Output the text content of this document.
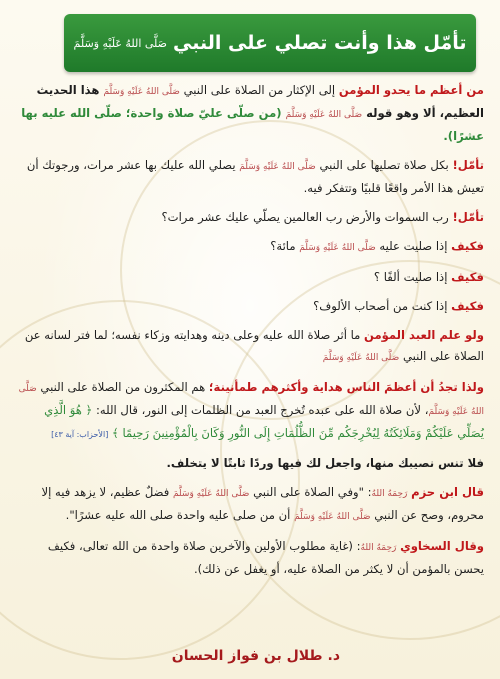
تأمّل هذا وأنت تصلي على النبي
صَلَّى اللهُ عَلَيْهِ وَسَلَّمَ

من أعظم ما يحدو المؤمن إلى الإكثار من الصلاة على النبي صَلَّى اللهُ عَلَيْهِ وَسَلَّمَ هذا الحديث العظيم، ألا وهو قوله صَلَّى اللهُ عَلَيْهِ وَسَلَّمَ (من صلّى عليّ صلاة واحدة؛ صلّى الله عليه بها عشرًا).

تأمّل! بكل صلاة تصليها على النبي صَلَّى اللهُ عَلَيْهِ وَسَلَّمَ يصلي الله عليك بها عشر مرات، ورجوتك أن تعيش هذا الأمر واقعًا قلبيًا وتتفكر فيه.

تأمّل! رب السموات والأرض رب العالمين يصلّي عليك عشر مرات؟

فكيف إذا صليت عليه صَلَّى اللهُ عَلَيْهِ وَسَلَّمَ مائة؟

فكيف إذا صليت ألفًا ؟

فكيف إذا كنت من أصحاب الألوف؟

ولو علم العبد المؤمن ما أثر صلاة الله عليه وعلى دينه وهدايته وزكاء نفسه؛ لما فتر لسانه عن الصلاة على النبي صَلَّى اللهُ عَلَيْهِ وَسَلَّمَ

ولذا تجدُ أن أعظمَ الناس هداية وأكثرهم طمأنينة؛ هم المكثرون من الصلاة على النبي صَلَّى اللهُ عَلَيْهِ وَسَلَّمَ، لأن صلاة الله على عبده تُخرج العبد من الظلمات إلى النور، قال الله: ﴿ هُوَ الَّذِي يُصَلِّي عَلَيْكُمْ وَمَلَائِكَتُهُ لِيُخْرِجَكُم مِّنَ الظُّلُمَاتِ إِلَى النُّورِ وَكَانَ بِالْمُؤْمِنِينَ رَحِيمًا ﴾ [الأحزاب: آية ٤٣]

فلا تنس نصيبك منها، واجعل لك فيها وردًا ثابتًا لا يتخلف.

قال ابن حزم رَحِمَهُ اللهُ: "وفي الصلاة على النبي صَلَّى اللهُ عَلَيْهِ وَسَلَّمَ فضلٌ عظيم، لا يزهد فيه إلا محروم، وصح عن النبي صَلَّى اللهُ عَلَيْهِ وَسَلَّمَ أن من صلى عليه واحدة صلى الله عليه عشرًا".

وقال السخاوي رَحِمَهُ اللهُ: (غاية مطلوب الأولين والآخرين صلاة واحدة من الله تعالى، فكيف يحسن بالمؤمن أن لا يكثر من الصلاة عليه، أو يغفل عن ذلك).

د. طلال بن فواز الحسان
